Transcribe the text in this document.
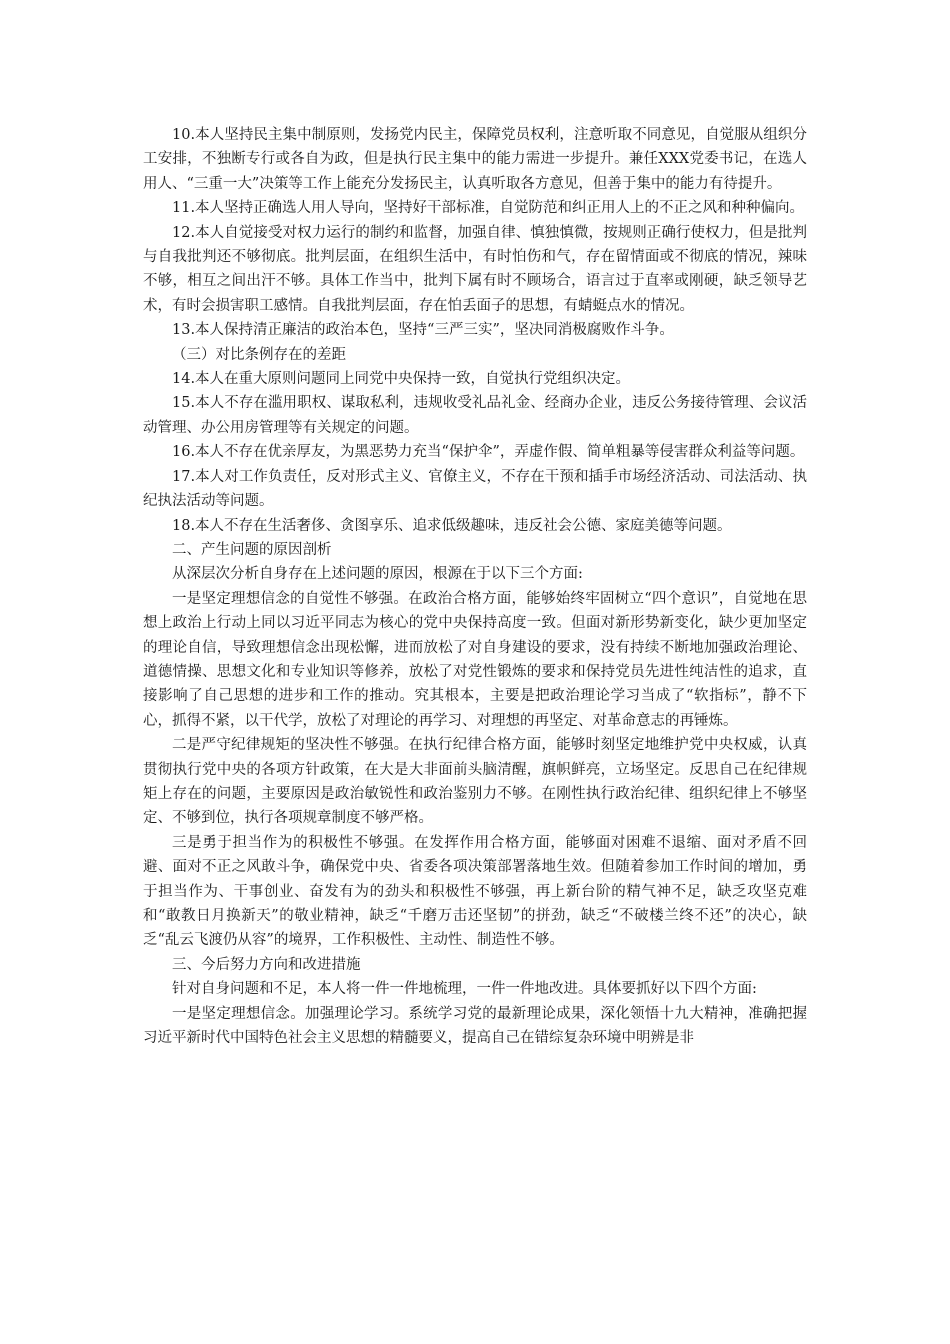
10.本人坚持民主集中制原则，发扬党内民主，保障党员权利，注意听取不同意见，自觉服从组织分工安排，不独断专行或各自为政，但是执行民主集中的能力需进一步提升。兼任XXX党委书记，在选人用人、“三重一大”决策等工作上能充分发扬民主，认真听取各方意见，但善于集中的能力有待提升。

11.本人坚持正确选人用人导向，坚持好干部标准，自觉防范和纠正用人上的不正之风和种种偏向。

12.本人自觉接受对权力运行的制约和监督，加强自律、慎独慎微，按规则正确行使权力，但是批判与自我批判还不够彻底。批判层面，在组织生活中，有时怕伤和气，存在留情面或不彻底的情况，辣味不够，相互之间出汗不够。具体工作当中，批判下属有时不顾场合，语言过于直率或刚硬，缺乏领导艺术，有时会损害职工感情。自我批判层面，存在怕丢面子的思想，有蜻蜓点水的情况。

13.本人保持清正廉洁的政治本色，坚持“三严三实”，坚决同消极腐败作斗争。

（三）对比条例存在的差距

14.本人在重大原则问题同上同党中央保持一致，自觉执行党组织决定。

15.本人不存在滥用职权、谋取私利，违规收受礼品礼金、经商办企业，违反公务接待管理、会议活动管理、办公用房管理等有关规定的问题。

16.本人不存在优亲厚友，为黑恶势力充当“保护伞”，弄虚作假、简单粗暴等侵害群众利益等问题。

17.本人对工作负责任，反对形式主义、官僚主义，不存在干预和插手市场经济活动、司法活动、执纪执法活动等问题。

18.本人不存在生活奢侈、贪图享乐、追求低级趣味，违反社会公德、家庭美德等问题。

二、产生问题的原因剖析

从深层次分析自身存在上述问题的原因，根源在于以下三个方面:

一是坚定理想信念的自觉性不够强。在政治合格方面，能够始终牢固树立“四个意识”，自觉地在思想上政治上行动上同以习近平同志为核心的党中央保持高度一致。但面对新形势新变化，缺少更加坚定的理论自信，导致理想信念出现松懈，进而放松了对自身建设的要求，没有持续不断地加强政治理论、道德情操、思想文化和专业知识等修养，放松了对党性锻炼的要求和保持党员先进性纯洁性的追求，直接影响了自己思想的进步和工作的推动。究其根本，主要是把政治理论学习当成了“软指标”，静不下心，抓得不紧，以干代学，放松了对理论的再学习、对理想的再坚定、对革命意志的再锤炼。

二是严守纪律规矩的坚决性不够强。在执行纪律合格方面，能够时刻坚定地维护党中央权威，认真贯彻执行党中央的各项方针政策，在大是大非面前头脑清醒，旗帜鲜亮，立场坚定。反思自己在纪律规矩上存在的问题，主要原因是政治敏锐性和政治鉴别力不够。在刚性执行政治纪律、组织纪律上不够坚定、不够到位，执行各项规章制度不够严格。

三是勇于担当作为的积极性不够强。在发挥作用合格方面，能够面对困难不退缩、面对矛盾不回避、面对不正之风敢斗争，确保党中央、省委各项决策部署落地生效。但随着参加工作时间的增加，勇于担当作为、干事创业、奋发有为的劲头和积极性不够强，再上新台阶的精气神不足，缺乏攻坚克难和“敢教日月换新天”的敬业精神，缺乏“千磨万击还坚韧”的拼劲，缺乏“不破楼兰终不还”的决心，缺乏“乱云飞渡仍从容”的境界，工作积极性、主动性、制造性不够。

三、今后努力方向和改进措施

针对自身问题和不足，本人将一件一件地梳理，一件一件地改进。具体要抓好以下四个方面:

一是坚定理想信念。加强理论学习。系统学习党的最新理论成果，深化领悟十九大精神，准确把握习近平新时代中国特色社会主义思想的精髓要义，提高自己在错综复杂环境中明辨是非
